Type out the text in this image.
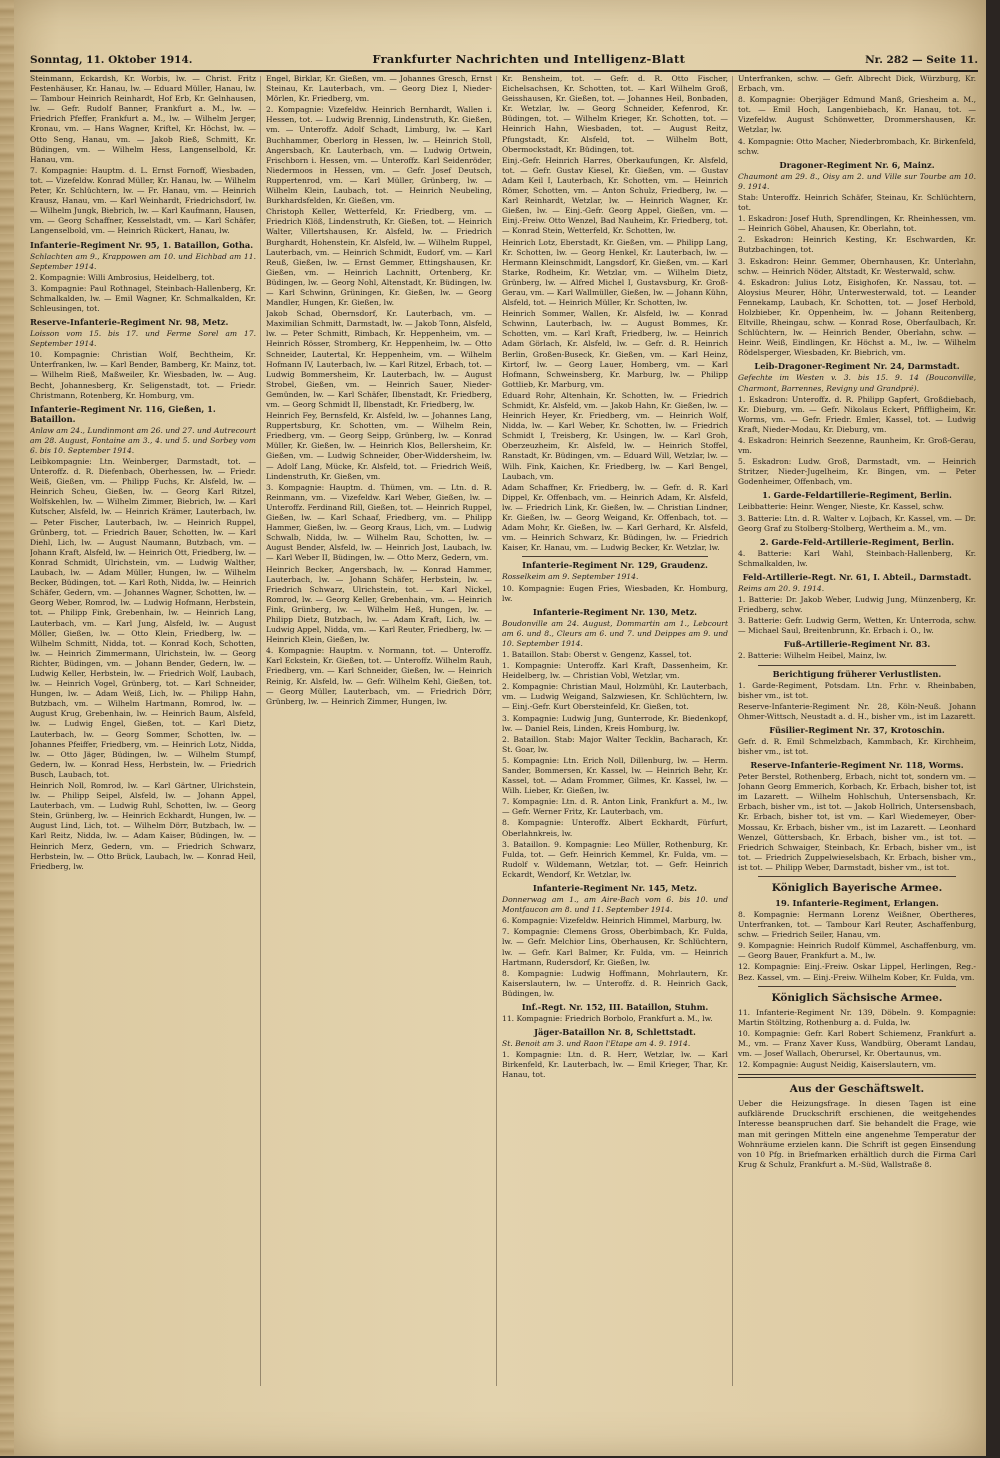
Sonntag, 11. Oktober 1914.	Frankfurter Nachrichten und Intelligenz-Blatt	Nr. 282 — Seite 11.

Steinmann, Eckardsh, Kr. Worbis, lw. — Christ. Fritz Festenhäuser, Kr. Hanau, lw. — Eduard Müller, Hanau, lw. — Tambour Heinrich Reinhardt, Hof Erb, Kr. Gelnhausen, lw. — Gefr. Rudolf Banner, Frankfurt a. M., lw. — Friedrich Pfeffer, Frankfurt a. M., lw. — Wilhelm Jerger, Kronau, vm. — Hans Wagner, Kriftel, Kr. Höchst, lw. — Otto Seng, Hanau, vm. — Jakob Rieß, Schmitt, Kr. Büdingen, vm. — Wilhelm Hess, Langenselbold, Kr. Hanau, vm.

7. Kompagnie: Hauptm. d. L. Ernst Fornoff, Wiesbaden, tot. — Vizefeldw. Konrad Müller, Kr. Hanau, lw. — Wilhelm Peter, Kr. Schlüchtern, lw. — Fr. Hanau, vm. — Heinrich Krausz, Hanau, vm. — Karl Weinhardt, Friedrichsdorf, lw. — Wilhelm Jungk, Biebrich, lw. — Karl Kaufmann, Hausen, vm. — Georg Schaffner, Kesselstadt, vm. — Karl Schäfer, Langenselbold, vm. — Heinrich Rückert, Hanau, lw.

Infanterie-Regiment Nr. 95, 1. Bataillon, Gotha.

Schlachten am 9., Krappowen am 10. und Eichbad am 11. September 1914.

2. Kompagnie: Willi Ambrosius, Heidelberg, tot.

3. Kompagnie: Paul Rothnagel, Steinbach-Hallenberg, Kr. Schmalkalden, lw. — Emil Wagner, Kr. Schmalkalden, Kr. Schleusingen, tot.

Reserve-Infanterie-Regiment Nr. 98, Metz.

Loisson vom 15. bis 17. und Ferme Sorel am 17. September 1914.

10. Kompagnie: Christian Wolf, Bechtheim, Kr. Unterfranken, lw. — Karl Bender, Bamberg, Kr. Mainz, tot. — Wilhelm Rieß, Maßweiler, Kr. Wiesbaden, lw. — Aug. Becht, Johannesberg, Kr. Seligenstadt, tot. — Friedr. Christmann, Rotenberg, Kr. Homburg, vm.

Infanterie-Regiment Nr. 116, Gießen, 1. Bataillon.

Anlaw am 24., Lundinmont am 26. und 27. und Autrecourt am 28. August, Fontaine am 3., 4. und 5. und Sorbey vom 6. bis 10. September 1914.

Leibkompagnie: Ltn. Weinberger, Darmstadt, tot. — Unteroffz. d. R. Diefenbach, Oberhessen, lw. — Friedr. Weiß, Gießen, vm. — Philipp Fuchs, Kr. Alsfeld, lw. — Heinrich Scheu, Gießen, lw. — Georg Karl Ritzel, Wolfskehlen, lw. — Wilhelm Zimmer, Biebrich, lw. — Karl Kutscher, Alsfeld, lw. — Heinrich Krämer, Lauterbach, lw. — Peter Fischer, Lauterbach, lw. — Heinrich Ruppel, Grünberg, tot. — Friedrich Bauer, Schotten, lw. — Karl Diehl, Lich, lw. — August Naumann, Butzbach, vm. — Johann Kraft, Alsfeld, lw. — Heinrich Ott, Friedberg, lw. — Konrad Schmidt, Ulrichstein, vm. — Ludwig Walther, Laubach, lw. — Adam Müller, Hungen, lw. — Wilhelm Becker, Büdingen, tot. — Karl Roth, Nidda, lw. — Heinrich Schäfer, Gedern, vm. — Johannes Wagner, Schotten, lw. — Georg Weber, Romrod, lw. — Ludwig Hofmann, Herbstein, tot. — Philipp Fink, Grebenhain, lw. — Heinrich Lang, Lauterbach, vm. — Karl Jung, Alsfeld, lw. — August Möller, Gießen, lw. — Otto Klein, Friedberg, lw. — Wilhelm Schmitt, Nidda, tot. — Konrad Koch, Schotten, lw. — Heinrich Zimmermann, Ulrichstein, lw. — Georg Richter, Büdingen, vm. — Johann Bender, Gedern, lw. — Ludwig Keller, Herbstein, lw. — Friedrich Wolf, Laubach, lw. — Heinrich Vogel, Grünberg, tot. — Karl Schneider, Hungen, lw. — Adam Weiß, Lich, lw. — Philipp Hahn, Butzbach, vm. — Wilhelm Hartmann, Romrod, lw. — August Krug, Grebenhain, lw. — Heinrich Baum, Alsfeld, lw. — Ludwig Engel, Gießen, tot. — Karl Dietz, Lauterbach, lw. — Georg Sommer, Schotten, lw. — Johannes Pfeiffer, Friedberg, vm. — Heinrich Lotz, Nidda, lw. — Otto Jäger, Büdingen, lw. — Wilhelm Stumpf, Gedern, lw. — Konrad Hess, Herbstein, lw. — Friedrich Busch, Laubach, tot.

Heinrich Noll, Romrod, lw. — Karl Gärtner, Ulrichstein, lw. — Philipp Seipel, Alsfeld, lw. — Johann Appel, Lauterbach, vm. — Ludwig Ruhl, Schotten, lw. — Georg Stein, Grünberg, lw. — Heinrich Eckhardt, Hungen, lw. — August Lind, Lich, tot. — Wilhelm Dörr, Butzbach, lw. — Karl Reitz, Nidda, lw. — Adam Kaiser, Büdingen, lw. — Heinrich Merz, Gedern, vm. — Friedrich Schwarz, Herbstein, lw. — Otto Brück, Laubach, lw. — Konrad Heil, Friedberg, lw.

Engel, Birklar, Kr. Gießen, vm. — Johannes Gresch, Ernst Steinau, Kr. Lauterbach, vm. — Georg Diez I, Nieder-Mörlen, Kr. Friedberg, vm.

2. Kompagnie: Vizefeldw. Heinrich Bernhardt, Wallen i. Hessen, tot. — Ludwig Brennig, Lindenstruth, Kr. Gießen, vm. — Unteroffz. Adolf Schadt, Limburg, lw. — Karl Buchhammer, Oberlorg in Hessen, lw. — Heinrich Stoll, Angersbach, Kr. Lauterbach, vm. — Ludwig Ortwein, Frischborn i. Hessen, vm. — Unteroffz. Karl Seidenröder, Niedermoos in Hessen, vm. — Gefr. Josef Deutsch, Ruppertenrod, vm. — Karl Müller, Grünberg, lw. — Wilhelm Klein, Laubach, tot. — Heinrich Neubeling, Burkhardsfelden, Kr. Gießen, vm.

Christoph Keller, Wetterfeld, Kr. Friedberg, vm. — Friedrich Klöß, Lindenstruth, Kr. Gießen, tot. — Heinrich Walter, Villertshausen, Kr. Alsfeld, lw. — Friedrich Burghardt, Hohenstein, Kr. Alsfeld, lw. — Wilhelm Ruppel, Lauterbach, vm. — Heinrich Schmidt, Eudorf, vm. — Karl Reuß, Gießen, lw. — Ernst Gemmer, Ettingshausen, Kr. Gießen, vm. — Heinrich Lachnitt, Ortenberg, Kr. Büdingen, lw. — Georg Nohl, Altenstadt, Kr. Büdingen, lw. — Karl Schwinn, Grüningen, Kr. Gießen, lw. — Georg Mandler, Hungen, Kr. Gießen, lw.

Jakob Schad, Obernsdorf, Kr. Lauterbach, vm. — Maximilian Schmitt, Darmstadt, lw. — Jakob Tonn, Alsfeld, lw. — Peter Schmitt, Rimbach, Kr. Heppenheim, vm. — Heinrich Rösser, Stromberg, Kr. Heppenheim, lw. — Otto Schneider, Lautertal, Kr. Heppenheim, vm. — Wilhelm Hofmann IV, Lauterbach, lw. — Karl Ritzel, Erbach, tot. — Ludwig Bommersheim, Kr. Lauterbach, lw. — August Strobel, Gießen, vm. — Heinrich Sauer, Nieder-Gemünden, lw. — Karl Schäfer, Ilbenstadt, Kr. Friedberg, vm. — Georg Schmidt II, Ilbenstadt, Kr. Friedberg, lw.

Heinrich Fey, Bernsfeld, Kr. Alsfeld, lw. — Johannes Lang, Ruppertsburg, Kr. Schotten, vm. — Wilhelm Rein, Friedberg, vm. — Georg Seipp, Grünberg, lw. — Konrad Müller, Kr. Gießen, lw. — Heinrich Klos, Bellersheim, Kr. Gießen, vm. — Ludwig Schneider, Ober-Widdersheim, lw. — Adolf Lang, Mücke, Kr. Alsfeld, tot. — Friedrich Weiß, Lindenstruth, Kr. Gießen, vm.

3. Kompagnie: Hauptm. d. Thümen, vm. — Ltn. d. R. Reinmann, vm. — Vizefeldw. Karl Weber, Gießen, lw. — Unteroffz. Ferdinand Rill, Gießen, tot. — Heinrich Ruppel, Gießen, lw. — Karl Schaaf, Friedberg, vm. — Philipp Hammer, Gießen, lw. — Georg Kraus, Lich, vm. — Ludwig Schwalb, Nidda, lw. — Wilhelm Rau, Schotten, lw. — August Bender, Alsfeld, lw. — Heinrich Jost, Laubach, lw. — Karl Weber II, Büdingen, lw. — Otto Merz, Gedern, vm.

Heinrich Becker, Angersbach, lw. — Konrad Hammer, Lauterbach, lw. — Johann Schäfer, Herbstein, lw. — Friedrich Schwarz, Ulrichstein, tot. — Karl Nickel, Romrod, lw. — Georg Keller, Grebenhain, vm. — Heinrich Fink, Grünberg, lw. — Wilhelm Heß, Hungen, lw. — Philipp Dietz, Butzbach, lw. — Adam Kraft, Lich, lw. — Ludwig Appel, Nidda, vm. — Karl Reuter, Friedberg, lw. — Heinrich Klein, Gießen, lw.

4. Kompagnie: Hauptm. v. Normann, tot. — Unteroffz. Karl Eckstein, Kr. Gießen, tot. — Unteroffz. Wilhelm Rauh, Friedberg, vm. — Karl Schneider, Gießen, lw. — Heinrich Reinig, Kr. Alsfeld, lw. — Gefr. Wilhelm Kehl, Gießen, tot. — Georg Müller, Lauterbach, vm. — Friedrich Dörr, Grünberg, lw. — Heinrich Zimmer, Hungen, lw.

Kr. Bensheim, tot. — Gefr. d. R. Otto Fischer, Eichelsachsen, Kr. Schotten, tot. — Karl Wilhelm Groß, Geisshausen, Kr. Gießen, tot. — Johannes Heil, Bonbaden, Kr. Wetzlar, lw. — Georg Schneider, Kefenrod, Kr. Büdingen, tot. — Wilhelm Krieger, Kr. Schotten, tot. — Heinrich Hahn, Wiesbaden, tot. — August Reitz, Pfungstadt, Kr. Alsfeld, tot. — Wilhelm Bott, Obermockstadt, Kr. Büdingen, tot.

Einj.-Gefr. Heinrich Harres, Oberkaufungen, Kr. Alsfeld, tot. — Gefr. Gustav Kiesel, Kr. Gießen, vm. — Gustav Adam Keil I, Lauterbach, Kr. Schotten, vm. — Heinrich Römer, Schotten, vm. — Anton Schulz, Friedberg, lw. — Karl Reinhardt, Wetzlar, lw. — Heinrich Wagner, Kr. Gießen, lw. — Einj.-Gefr. Georg Appel, Gießen, vm. — Einj.-Freiw. Otto Wenzel, Bad Nauheim, Kr. Friedberg, tot. — Konrad Stein, Wetterfeld, Kr. Schotten, lw.

Heinrich Lotz, Eberstadt, Kr. Gießen, vm. — Philipp Lang, Kr. Schotten, lw. — Georg Henkel, Kr. Lauterbach, lw. — Hermann Kleinschmidt, Langsdorf, Kr. Gießen, vm. — Karl Starke, Rodheim, Kr. Wetzlar, vm. — Wilhelm Dietz, Grünberg, lw. — Alfred Michel I, Gustavsburg, Kr. Groß-Gerau, vm. — Karl Wallmüller, Gießen, lw. — Johann Kühn, Alsfeld, tot. — Heinrich Müller, Kr. Schotten, lw.

Heinrich Sommer, Wallen, Kr. Alsfeld, lw. — Konrad Schwinn, Lauterbach, lw. — August Bommes, Kr. Schotten, vm. — Karl Kraft, Friedberg, lw. — Heinrich Adam Görlach, Kr. Alsfeld, lw. — Gefr. d. R. Heinrich Berlin, Großen-Buseck, Kr. Gießen, vm. — Karl Heinz, Kirtorf, lw. — Georg Lauer, Homberg, vm. — Karl Hofmann, Schweinsberg, Kr. Marburg, lw. — Philipp Gottlieb, Kr. Marburg, vm.

Eduard Rohr, Altenhain, Kr. Schotten, lw. — Friedrich Schmidt, Kr. Alsfeld, vm. — Jakob Hahn, Kr. Gießen, lw. — Heinrich Heyer, Kr. Friedberg, vm. — Heinrich Wolf, Nidda, lw. — Karl Weber, Kr. Schotten, lw. — Friedrich Schmidt I, Treisberg, Kr. Usingen, lw. — Karl Groh, Oberzeuzheim, Kr. Alsfeld, lw. — Heinrich Stoffel, Ranstadt, Kr. Büdingen, vm. — Eduard Will, Wetzlar, lw. — Wilh. Fink, Kaichen, Kr. Friedberg, lw. — Karl Bengel, Laubach, vm.

Adam Schaffner, Kr. Friedberg, lw. — Gefr. d. R. Karl Dippel, Kr. Offenbach, vm. — Heinrich Adam, Kr. Alsfeld, lw. — Friedrich Link, Kr. Gießen, lw. — Christian Lindner, Kr. Gießen, lw. — Georg Weigand, Kr. Offenbach, tot. — Adam Mohr, Kr. Gießen, lw. — Karl Gerhard, Kr. Alsfeld, vm. — Heinrich Schwarz, Kr. Büdingen, lw. — Friedrich Kaiser, Kr. Hanau, vm. — Ludwig Becker, Kr. Wetzlar, lw.

Infanterie-Regiment Nr. 129, Graudenz.

Rosselkeim am 9. September 1914.

10. Kompagnie: Eugen Fries, Wiesbaden, Kr. Homburg, lw.

Infanterie-Regiment Nr. 130, Metz.

Boudonville am 24. August, Dommartin am 1., Lebcourt am 6. und 8., Cleurs am 6. und 7. und Deippes am 9. und 10. September 1914.

1. Bataillon. Stab: Oberst v. Gengenz, Kassel, tot.

1. Kompagnie: Unteroffz. Karl Kraft, Dassenheim, Kr. Heidelberg, lw. — Christian Vobl, Wetzlar, vm.

2. Kompagnie: Christian Maul, Holzmühl, Kr. Lauterbach, vm. — Ludwig Weigand, Salzwiesen, Kr. Schlüchtern, lw. — Einj.-Gefr. Kurt Obersteinfeld, Kr. Gießen, tot.

3. Kompagnie: Ludwig Jung, Gunterrode, Kr. Biedenkopf, lw. — Daniel Reis, Linden, Kreis Homburg, lw.

2. Bataillon. Stab: Major Walter Tecklin, Bacharach, Kr. St. Goar, lw.

5. Kompagnie: Ltn. Erich Noll, Dillenburg, lw. — Herm. Sander, Bommersen, Kr. Kassel, lw. — Heinrich Behr, Kr. Kassel, tot. — Adam Frommer, Gilmes, Kr. Kassel, lw. — Wilh. Lieber, Kr. Gießen, lw.

7. Kompagnie: Ltn. d. R. Anton Link, Frankfurt a. M., lw. — Gefr. Werner Fritz, Kr. Lauterbach, vm.

8. Kompagnie: Unteroffz. Albert Eckhardt, Fürfurt, Oberlahnkreis, lw.

3. Bataillon. 9. Kompagnie: Leo Müller, Rothenburg, Kr. Fulda, tot. — Gefr. Heinrich Kemmel, Kr. Fulda, vm. — Rudolf v. Wildemann, Wetzlar, tot. — Gefr. Heinrich Eckardt, Wendorf, Kr. Wetzlar, lw.

Infanterie-Regiment Nr. 145, Metz.

Donnerwag am 1., am Aire-Bach vom 6. bis 10. und Montfaucon am 8. und 11. September 1914.

6. Kompagnie: Vizefeldw. Heinrich Himmel, Marburg, lw.

7. Kompagnie: Clemens Gross, Oberbimbach, Kr. Fulda, lw. — Gefr. Melchior Lins, Oberhausen, Kr. Schlüchtern, lw. — Gefr. Karl Balmer, Kr. Fulda, vm. — Heinrich Hartmann, Rudersdorf, Kr. Gießen, lw.

8. Kompagnie: Ludwig Hoffmann, Mohrlautern, Kr. Kaiserslautern, lw. — Unteroffz. d. R. Heinrich Gack, Büdingen, lw.

Inf.-Regt. Nr. 152, III. Bataillon, Stuhm.

11. Kompagnie: Friedrich Borbolo, Frankfurt a. M., lw.

Jäger-Bataillon Nr. 8, Schlettstadt.

St. Benoit am 3. und Raon l'Etape am 4. 9. 1914.

1. Kompagnie: Ltn. d. R. Herr, Wetzlar, lw. — Karl Birkenfeld, Kr. Lauterbach, lw. — Emil Krieger, Thar, Kr. Hanau, tot.

Unterfranken, schw. — Gefr. Albrecht Dick, Würzburg, Kr. Erbach, vm.

8. Kompagnie: Oberjäger Edmund Manß, Griesheim a. M., tot. — Emil Hoch, Langenbiebach, Kr. Hanau, tot. — Vizefeldw. August Schönwetter, Drommershausen, Kr. Wetzlar, lw.

4. Kompagnie: Otto Macher, Niederbrombach, Kr. Birkenfeld, schw.

Dragoner-Regiment Nr. 6, Mainz.

Chaumont am 29. 8., Oisy am 2. und Ville sur Tourbe am 10. 9. 1914.

Stab: Unteroffz. Heinrich Schäfer, Steinau, Kr. Schlüchtern, tot.

1. Eskadron: Josef Huth, Sprendlingen, Kr. Rheinhessen, vm. — Heinrich Göbel, Ahausen, Kr. Oberlahn, tot.

2. Eskadron: Heinrich Kesting, Kr. Eschwarden, Kr. Butzbachingen, tot.

3. Eskadron: Heinr. Gemmer, Obernhausen, Kr. Unterlahn, schw. — Heinrich Nöder, Altstadt, Kr. Westerwald, schw.

4. Eskadron: Julius Lotz, Eisighofen, Kr. Nassau, tot. — Aloysius Meurer, Höhr, Unterwesterwald, tot. — Leander Fennekamp, Laubach, Kr. Schotten, tot. — Josef Herbold, Holzbieber, Kr. Oppenheim, lw. — Johann Reitenberg, Eltville, Rheingau, schw. — Konrad Rose, Oberfaulbach, Kr. Schlüchtern, lw. — Heinrich Bender, Oberlahn, schw. — Heinr. Weiß, Eindlingen, Kr. Höchst a. M., lw. — Wilhelm Rödelsperger, Wiesbaden, Kr. Biebrich, vm.

Leib-Dragoner-Regiment Nr. 24, Darmstadt.

Gefechte im Westen v. 3. bis 15. 9. 14 (Bouconville, Charmont, Barrennes, Revigny und Grandpré).

1. Eskadron: Unteroffz. d. R. Philipp Gapfert, Großdiebach, Kr. Dieburg, vm. — Gefr. Nikolaus Eckert, Pfiffligheim, Kr. Worms, vm. — Gefr. Friedr. Emler, Kassel, tot. — Ludwig Kraft, Nieder-Modau, Kr. Dieburg, vm.

4. Eskadron: Heinrich Seezenne, Raunheim, Kr. Groß-Gerau, vm.

5. Eskadron: Ludw. Groß, Darmstadt, vm. — Heinrich Stritzer, Nieder-Jugelheim, Kr. Bingen, vm. — Peter Godenheimer, Offenbach, vm.

1. Garde-Feldartillerie-Regiment, Berlin.

Leibbatterie: Heinr. Wenger, Nieste, Kr. Kassel, schw.

3. Batterie: Ltn. d. R. Walter v. Lojbach, Kr. Kassel, vm. — Dr. Georg Graf zu Stolberg-Stolberg, Wertheim a. M., vm.

2. Garde-Feld-Artillerie-Regiment, Berlin.

4. Batterie: Karl Wahl, Steinbach-Hallenberg, Kr. Schmalkalden, lw.

Feld-Artillerie-Regt. Nr. 61, I. Abteil., Darmstadt.

Reims am 20. 9. 1914.

1. Batterie: Dr. Jakob Weber, Ludwig Jung, Münzenberg, Kr. Friedberg, schw.

3. Batterie: Gefr. Ludwig Germ, Wetten, Kr. Unterroda, schw. — Michael Saul, Breitenbrunn, Kr. Erbach i. O., lw.

Fuß-Artillerie-Regiment Nr. 83.

2. Batterie: Wilhelm Heibel, Mainz, lw.

Berichtigung früherer Verlustlisten.

1. Garde-Regiment, Potsdam. Ltn. Frhr. v. Rheinbaben, bisher vm., ist tot.

Reserve-Infanterie-Regiment Nr. 28, Köln-Neuß. Johann Ohmer-Wittsch, Neustadt a. d. H., bisher vm., ist im Lazarett.

Füsilier-Regiment Nr. 37, Krotoschin.

Gefr. d. R. Emil Schmelzbach, Kammbach, Kr. Kirchheim, bisher vm., ist tot.

Reserve-Infanterie-Regiment Nr. 118, Worms.

Peter Berstel, Rothenberg, Erbach, nicht tot, sondern vm. — Johann Georg Emmerich, Korbach, Kr. Erbach, bisher tot, ist im Lazarett. — Wilhelm Hohlschuh, Untersensbach, Kr. Erbach, bisher vm., ist tot. — Jakob Hollrich, Untersensbach, Kr. Erbach, bisher tot, ist vm. — Karl Wiedemeyer, Ober-Mossau, Kr. Erbach, bisher vm., ist im Lazarett. — Leonhard Wenzel, Güttersbach, Kr. Erbach, bisher vm., ist tot. — Friedrich Schwaiger, Steinbach, Kr. Erbach, bisher vm., ist tot. — Friedrich Zuppelwieselsbach, Kr. Erbach, bisher vm., ist tot. — Philipp Weber, Darmstadt, bisher vm., ist tot.

Königlich Bayerische Armee.
19. Infanterie-Regiment, Erlangen.

8. Kompagnie: Hermann Lorenz Weißner, Obertheres, Unterfranken, tot. — Tambour Karl Reuter, Aschaffenburg, schw. — Friedrich Seiler, Hanau, vm.

9. Kompagnie: Heinrich Rudolf Kümmel, Aschaffenburg, vm. — Georg Bauer, Frankfurt a. M., lw.

12. Kompagnie: Einj.-Freiw. Oskar Lippel, Herlingen, Reg.-Bez. Kassel, vm. — Einj.-Freiw. Wilhelm Kober, Kr. Fulda, vm.

Königlich Sächsische Armee.

11. Infanterie-Regiment Nr. 139, Döbeln. 9. Kompagnie: Martin Stöltzing, Rothenburg a. d. Fulda, lw.

10. Kompagnie: Gefr. Karl Robert Schiemenz, Frankfurt a. M., vm. — Franz Xaver Kuss, Wandbürg, Oberamt Landau, vm. — Josef Wallach, Oberursel, Kr. Obertaunus, vm.

12. Kompagnie: August Neidig, Kaiserslautern, vm.

Aus der Geschäftswelt.

Ueber die Heizungsfrage. In diesen Tagen ist eine aufklärende Druckschrift erschienen, die weitgehendes Interesse beanspruchen darf. Sie behandelt die Frage, wie man mit geringen Mitteln eine angenehme Temperatur der Wohnräume erzielen kann. Die Schrift ist gegen Einsendung von 10 Pfg. in Briefmarken erhältlich durch die Firma Carl Krug & Schulz, Frankfurt a. M.-Süd, Wallstraße 8.
